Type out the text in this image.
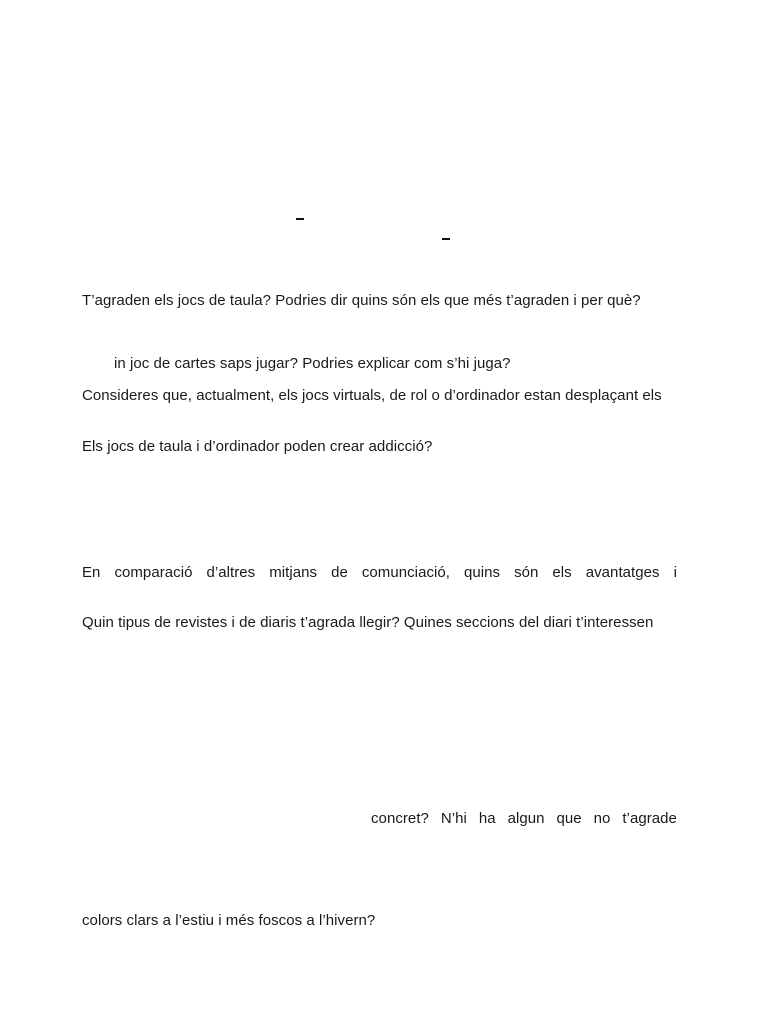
T’agraden els jocs de taula? Podries dir quins són els que més t’agraden i per què?
in joc de cartes saps jugar? Podries explicar com s’hi juga?
Consideres que, actualment, els jocs virtuals, de rol o d’ordinador estan desplaçant els
Els jocs de taula i d’ordinador poden crear addicció?
En comparació d’altres mitjans de comunciació, quins són els avantatges i
Quin tipus de revistes i de diaris t’agrada llegir? Quines seccions del diari t’interessen
concret? N’hi ha algun que no t’agrade
colors clars a l’estiu i més foscos a l’hivern?
